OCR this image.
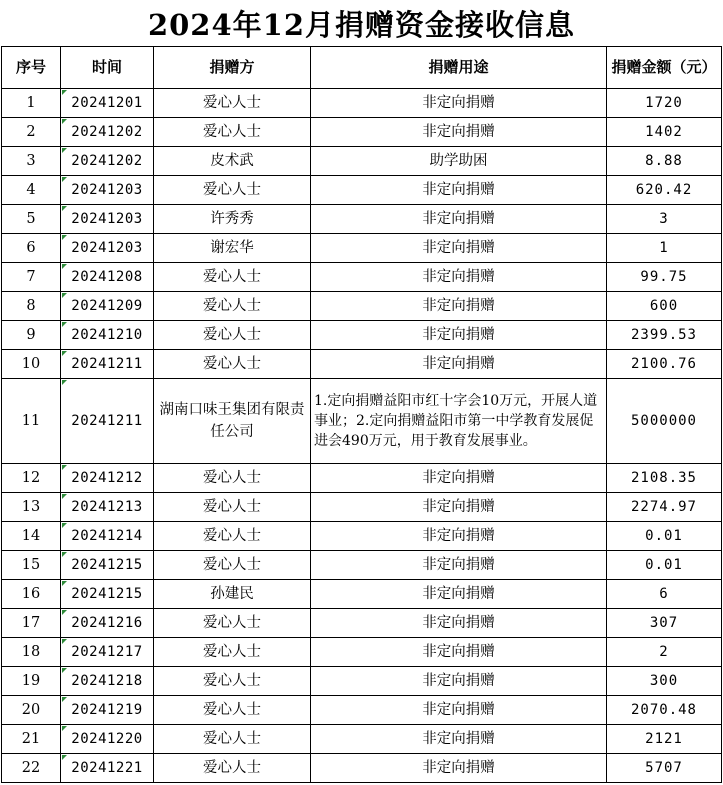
2024年12月捐赠资金接收信息
序号	时间	捐赠方	捐赠用途	捐赠金额（元）
1	20241201	爱心人士	非定向捐赠	1720
2	20241202	爱心人士	非定向捐赠	1402
3	20241202	皮术武	助学助困	8.88
4	20241203	爱心人士	非定向捐赠	620.42
5	20241203	许秀秀	非定向捐赠	3
6	20241203	谢宏华	非定向捐赠	1
7	20241208	爱心人士	非定向捐赠	99.75
8	20241209	爱心人士	非定向捐赠	600
9	20241210	爱心人士	非定向捐赠	2399.53
10	20241211	爱心人士	非定向捐赠	2100.76
11	20241211	湖南口味王集团有限责任公司	1.定向捐赠益阳市红十字会10万元，开展人道事业；2.定向捐赠益阳市第一中学教育发展促进会490万元，用于教育发展事业。	5000000
12	20241212	爱心人士	非定向捐赠	2108.35
13	20241213	爱心人士	非定向捐赠	2274.97
14	20241214	爱心人士	非定向捐赠	0.01
15	20241215	爱心人士	非定向捐赠	0.01
16	20241215	孙建民	非定向捐赠	6
17	20241216	爱心人士	非定向捐赠	307
18	20241217	爱心人士	非定向捐赠	2
19	20241218	爱心人士	非定向捐赠	300
20	20241219	爱心人士	非定向捐赠	2070.48
21	20241220	爱心人士	非定向捐赠	2121
22	20241221	爱心人士	非定向捐赠	5707
